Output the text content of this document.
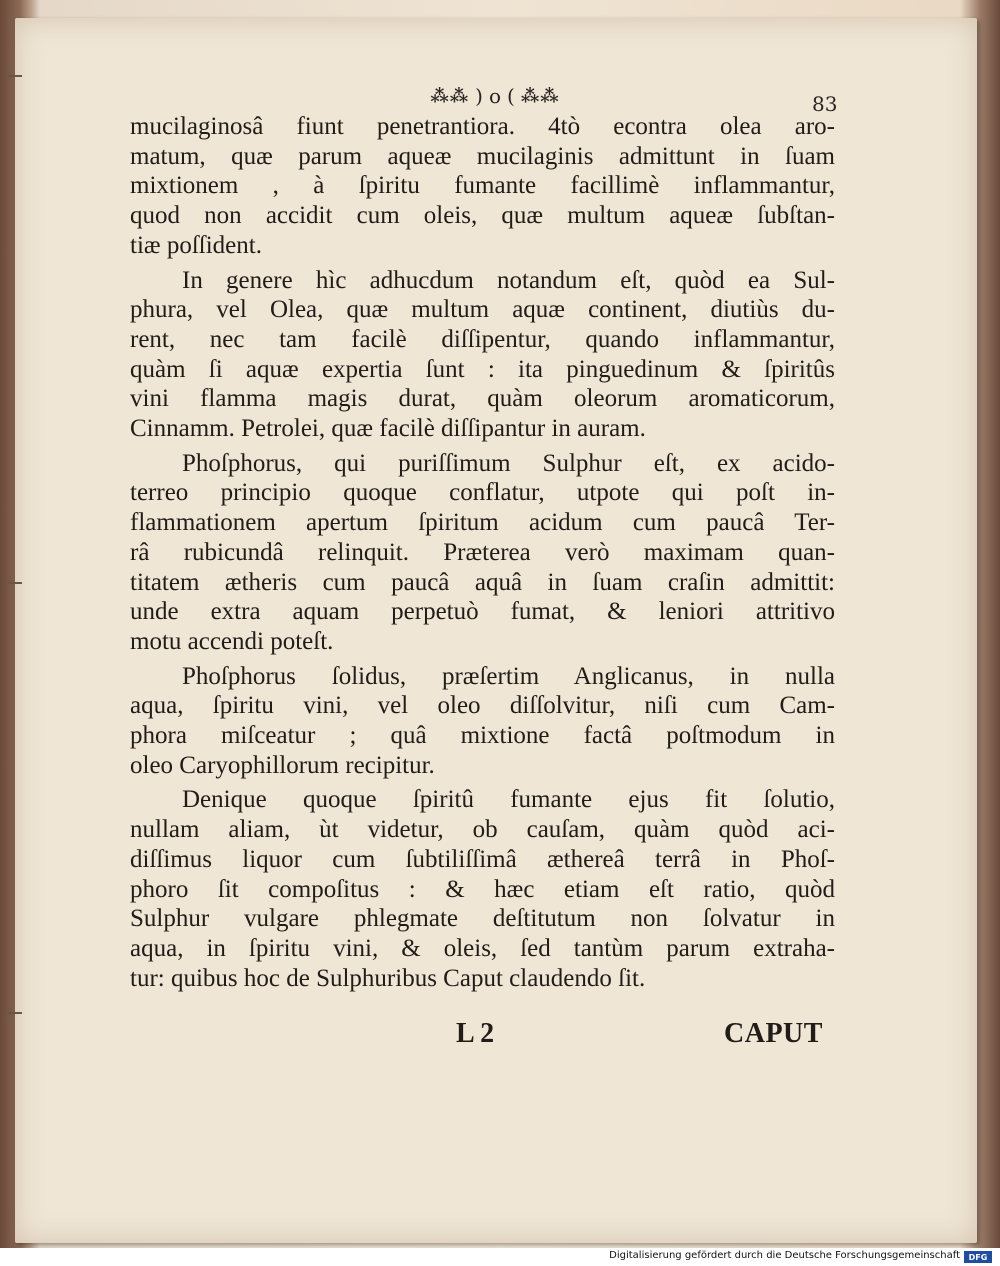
⁂⁂ ) o ( ⁂⁂	83
mucilaginosâ fiunt penetrantiora. 4tò econtra olea aro-
matum, quæ parum aqueæ mucilaginis admittunt in ſuam
mixtionem , à ſpiritu fumante facillimè inflammantur,
quod non accidit cum oleis, quæ multum aqueæ ſubſtan-
tiæ poſſident.
In genere hìc adhucdum notandum eſt, quòd ea Sul-
phura, vel Olea, quæ multum aquæ continent, diutiùs du-
rent, nec tam facilè diſſipentur, quando inflammantur,
quàm ſi aquæ expertia ſunt : ita pinguedinum & ſpiritûs
vini flamma magis durat, quàm oleorum aromaticorum,
Cinnamm. Petrolei, quæ facilè diſſipantur in auram.
Phoſphorus, qui puriſſimum Sulphur eſt, ex acido-
terreo principio quoque conflatur, utpote qui poſt in-
flammationem apertum ſpiritum acidum cum paucâ Ter-
râ rubicundâ relinquit. Præterea verò maximam quan-
titatem ætheris cum paucâ aquâ in ſuam craſin admittit:
unde extra aquam perpetuò fumat, & leniori attritivo
motu accendi poteſt.
Phoſphorus ſolidus, præſertim Anglicanus, in nulla
aqua, ſpiritu vini, vel oleo diſſolvitur, niſi cum Cam-
phora miſceatur ; quâ mixtione factâ poſtmodum in
oleo Caryophillorum recipitur.
Denique quoque ſpiritû fumante ejus fit ſolutio,
nullam aliam, ùt videtur, ob cauſam, quàm quòd aci-
diſſimus liquor cum ſubtiliſſimâ æthereâ terrâ in Phoſ-
phoro ſit compoſitus : & hæc etiam eſt ratio, quòd
Sulphur vulgare phlegmate deſtitutum non ſolvatur in
aqua, in ſpiritu vini, & oleis, ſed tantùm parum extraha-
tur: quibus hoc de Sulphuribus Caput claudendo ſit.
L 2	CAPUT
Digitalisierung gefördert durch die Deutsche Forschungsgemeinschaft	DFG
